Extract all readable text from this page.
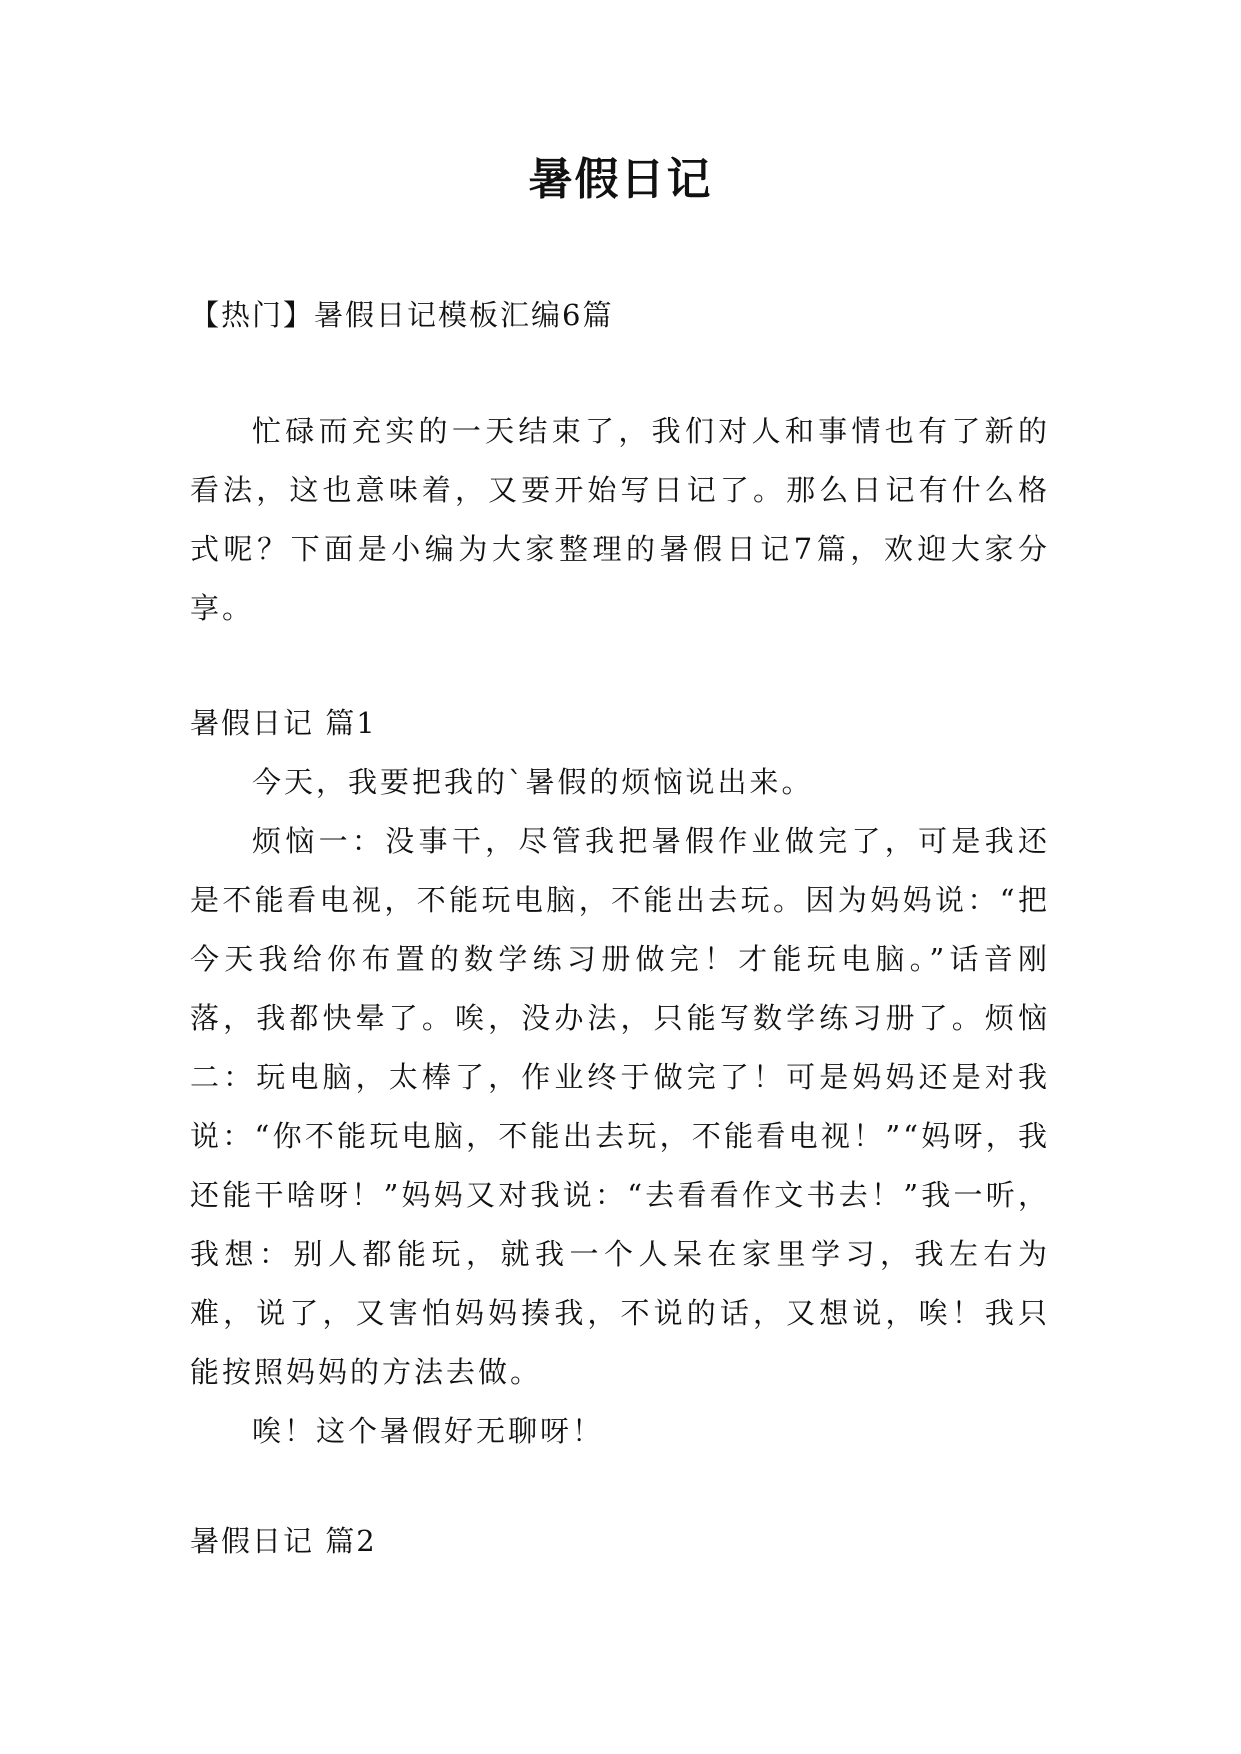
暑假日记
【热门】暑假日记模板汇编6篇

忙碌而充实的一天结束了，我们对人和事情也有了新的看法，这也意味着，又要开始写日记了。那么日记有什么格式呢？下面是小编为大家整理的暑假日记7篇，欢迎大家分享。

暑假日记 篇1

今天，我要把我的`暑假的烦恼说出来。

烦恼一：没事干，尽管我把暑假作业做完了，可是我还是不能看电视，不能玩电脑，不能出去玩。因为妈妈说：“把今天我给你布置的数学练习册做完！才能玩电脑。”话音刚落，我都快晕了。唉，没办法，只能写数学练习册了。烦恼二：玩电脑，太棒了，作业终于做完了！可是妈妈还是对我说：“你不能玩电脑，不能出去玩，不能看电视！”“妈呀，我还能干啥呀！”妈妈又对我说：“去看看作文书去！”我一听，我想：别人都能玩，就我一个人呆在家里学习，我左右为难，说了，又害怕妈妈揍我，不说的话，又想说，唉！我只能按照妈妈的方法去做。

唉！这个暑假好无聊呀！

暑假日记 篇2
